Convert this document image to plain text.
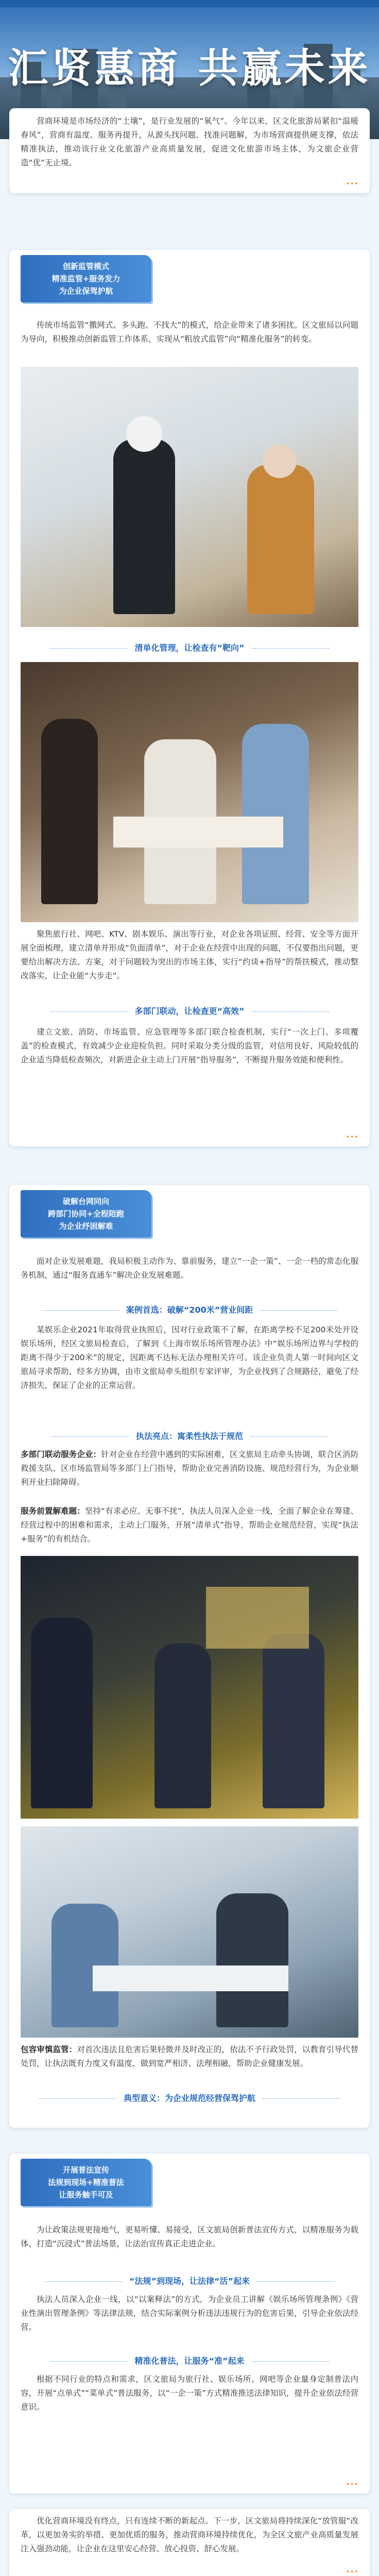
汇贤惠商 共赢未来
营商环境是市场经济的“土壤”，是行业发展的“氧气”。今年以来，区文化旅游局紧扣“温暖春风”，营商有温度、服务再提升，从源头找问题、找准问题解，为市场营商提供硬支撑，依法精准执法，推动该行业文化旅游产业高质量发展，促进文化旅游市场主体，为文旅企业营造“优”无止境。
•••
创新监管模式
精准监管+服务发力
为企业保驾护航
传统市场监管“撒网式、多头跑、不找大”的模式，给企业带来了诸多困扰。区文旅局以问题为导向，积极推动创新监管工作体系，实现从“粗放式监管”向“精准化服务”的转变。
清单化管理，让检查有“靶向”
聚焦旅行社、网吧、KTV、剧本娱乐、演出等行业，对企业各项证照、经营、安全等方面开展全面梳理，建立清单并形成“负面清单”，对于企业在经营中出现的问题，不仅要指出问题，更要给出解决方法、方案，对于问题较为突出的市场主体，实行“约谈+指导”的帮扶模式，推动整改落实，让企业能“大步走”。
多部门联动，让检查更“高效”
建立文旅、消防、市场监管、应急管理等多部门联合检查机制，实行“一次上门、多项覆盖”的检查模式，有效减少企业迎检负担。同时采取分类分级的监管，对信用良好、风险较低的企业适当降低检查频次，对新进企业主动上门开展“指导服务”，不断提升服务效能和便利性。
•••
破解台网同向
跨部门协同+全程陪跑
为企业纾困解难
面对企业发展难题，我局积极主动作为、靠前服务，建立“一企一策”、一企一档的常态化服务机制，通过“服务直通车”解决企业发展难题。
案例首选：破解“200米”营业间距
某娱乐企业2021年取得营业执照后，因对行业政策不了解，在距离学校不足200米处开设娱乐场所，经区文旅局检查后，了解到《上海市娱乐场所管理办法》中“娱乐场所边界与学校的距离不得少于200米”的规定，因距离不达标无法办理相关许可。该企业负责人第一时间向区文旅局寻求帮助，经多方协调，由市文旅局牵头组织专家评审，为企业找到了合规路径，避免了经济损失，保证了企业的正常运营。
执法亮点：寓柔性执法于规范
多部门联动服务企业：针对企业在经营中遇到的实际困难，区文旅局主动牵头协调，联合区消防救援支队、区市场监管局等多部门上门指导，帮助企业完善消防设施、规范经营行为，为企业顺利开业扫除障碍。
服务前置解难题：坚持“有求必应、无事不扰”，执法人员深入企业一线，全面了解企业在筹建、经营过程中的困难和需求，主动上门服务，开展“清单式”指导，帮助企业规范经营，实现“执法+服务”的有机结合。
包容审慎监管：对首次违法且危害后果轻微并及时改正的，依法不予行政处罚，以教育引导代替处罚，让执法既有力度又有温度，做到宽严相济、法理相融，帮助企业健康发展。
典型意义：为企业规范经营保驾护航
开展普法宣传
法规到现场+精准普法
让服务触手可及
为让政策法规更接地气，更易听懂、易接受，区文旅局创新普法宣传方式，以精准服务为载体，打造“沉浸式”普法场景，让法治宣传真正走进企业。
“法规”到现场，让法律“活”起来
执法人员深入企业一线，以“以案释法”的方式，为企业员工讲解《娱乐场所管理条例》《营业性演出管理条例》等法律法规，结合实际案例分析违法违规行为的危害后果，引导企业依法经营。
精准化普法，让服务“准”起来
根据不同行业的特点和需求，区文旅局为旅行社、娱乐场所、网吧等企业量身定制普法内容，开展“点单式”“菜单式”普法服务，以“一企一策”方式精准推送法律知识，提升企业依法经营意识。
•••
优化营商环境没有终点，只有连续不断的新起点。下一步，区文旅局将持续深化“放管服”改革，以更加务实的举措、更加优质的服务，推动营商环境持续优化，为全区文旅产业高质量发展注入强劲动能，让企业在这里安心经营、放心投资、舒心发展。
•••
